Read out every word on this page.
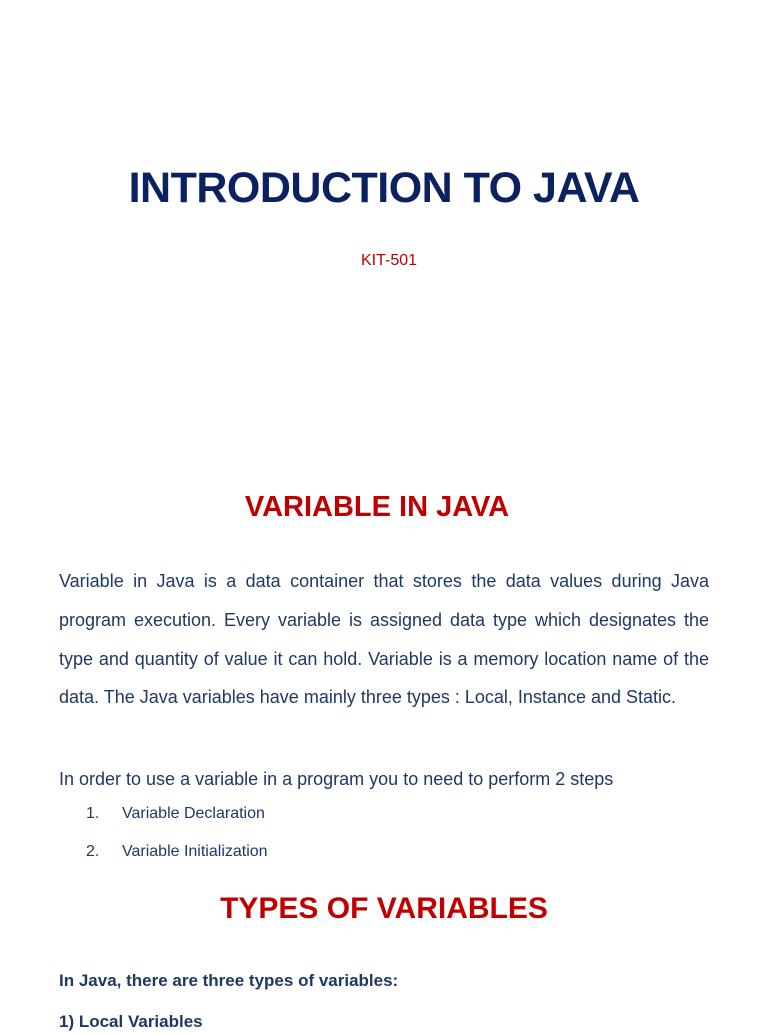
INTRODUCTION TO JAVA

KIT-501

VARIABLE IN JAVA

Variable in Java is a data container that stores the data values during Java program execution. Every variable is assigned data type which designates the type and quantity of value it can hold. Variable is a memory location name of the data. The Java variables have mainly three types : Local, Instance and Static.

In order to use a variable in a program you to need to perform 2 steps

1.	Variable Declaration
2.	Variable Initialization
TYPES OF VARIABLES

In Java, there are three types of variables:

1) Local Variables
